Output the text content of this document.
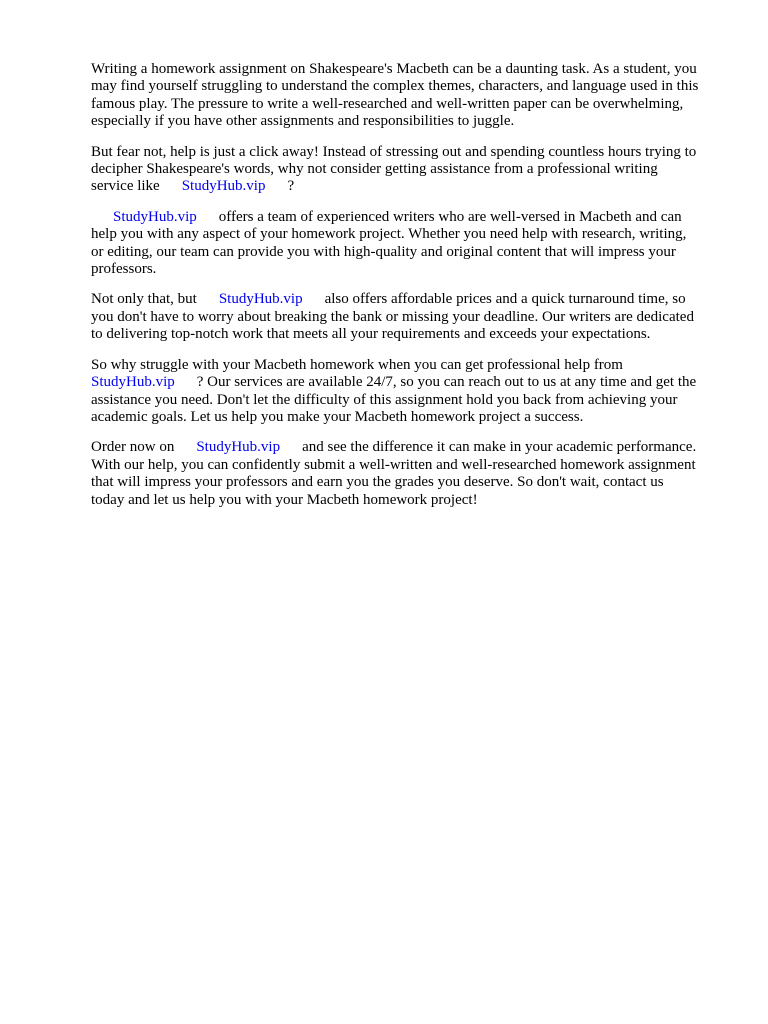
Writing a homework assignment on Shakespeare's Macbeth can be a daunting task. As a student, you
may find yourself struggling to understand the complex themes, characters, and language used in this
famous play. The pressure to write a well-researched and well-written paper can be overwhelming,
especially if you have other assignments and responsibilities to juggle.

But fear not, help is just a click away! Instead of stressing out and spending countless hours trying to
decipher Shakespeare's words, why not consider getting assistance from a professional writing
service like StudyHub.vip ?

StudyHub.vip offers a team of experienced writers who are well-versed in Macbeth and can
help you with any aspect of your homework project. Whether you need help with research, writing,
or editing, our team can provide you with high-quality and original content that will impress your
professors.

Not only that, but StudyHub.vip also offers affordable prices and a quick turnaround time, so
you don't have to worry about breaking the bank or missing your deadline. Our writers are dedicated
to delivering top-notch work that meets all your requirements and exceeds your expectations.

So why struggle with your Macbeth homework when you can get professional help from
StudyHub.vip ? Our services are available 24/7, so you can reach out to us at any time and get the
assistance you need. Don't let the difficulty of this assignment hold you back from achieving your
academic goals. Let us help you make your Macbeth homework project a success.

Order now on StudyHub.vip and see the difference it can make in your academic performance.
With our help, you can confidently submit a well-written and well-researched homework assignment
that will impress your professors and earn you the grades you deserve. So don't wait, contact us
today and let us help you with your Macbeth homework project!
